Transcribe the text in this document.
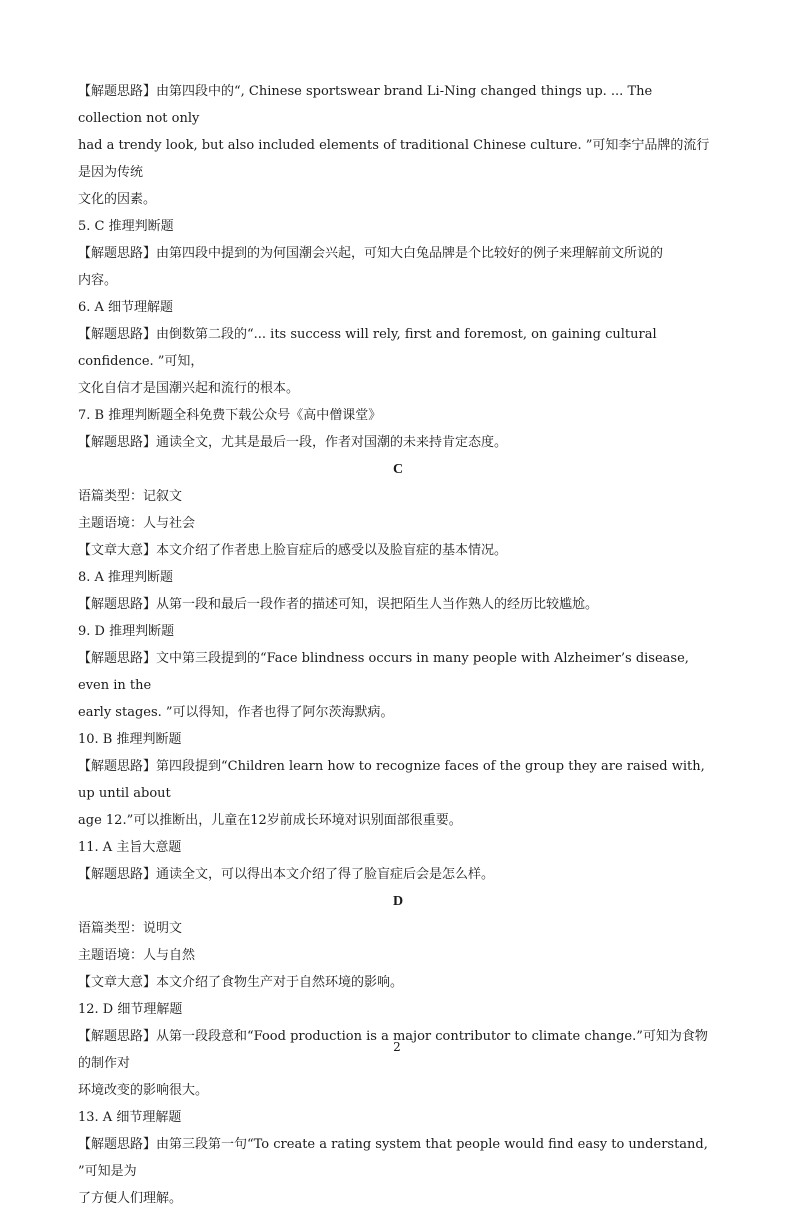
【解题思路】由第四段中的“, Chinese sportswear brand Li-Ning changed things up. ... The collection not only

had a trendy look, but also included elements of traditional Chinese culture. ”可知李宁品牌的流行是因为传统

文化的因素。

5. C 推理判断题

【解题思路】由第四段中提到的为何国潮会兴起，可知大白兔品牌是个比较好的例子来理解前文所说的

内容。

6. A 细节理解题

【解题思路】由倒数第二段的“... its success will rely, first and foremost, on gaining cultural confidence. ”可知，

文化自信才是国潮兴起和流行的根本。

7. B 推理判断题全科免费下载公众号《高中僧课堂》

【解题思路】通读全文，尤其是最后一段，作者对国潮的未来持肯定态度。

C

语篇类型：记叙文

主题语境：人与社会

【文章大意】本文介绍了作者患上脸盲症后的感受以及脸盲症的基本情况。

8. A 推理判断题

【解题思路】从第一段和最后一段作者的描述可知，误把陌生人当作熟人的经历比较尴尬。

9. D 推理判断题

【解题思路】文中第三段提到的“Face blindness occurs in many people with Alzheimer’s disease, even in the

early stages. ”可以得知，作者也得了阿尔茨海默病。

10. B 推理判断题

【解题思路】第四段提到“Children learn how to recognize faces of the group they are raised with, up until about

age 12.”可以推断出，儿童在12岁前成长环境对识别面部很重要。

11. A 主旨大意题

【解题思路】通读全文，可以得出本文介绍了得了脸盲症后会是怎么样。

D

语篇类型：说明文

主题语境：人与自然

【文章大意】本文介绍了食物生产对于自然环境的影响。

12. D 细节理解题

【解题思路】从第一段段意和“Food production is a major contributor to climate change.”可知为食物的制作对

环境改变的影响很大。

13. A 细节理解题

【解题思路】由第三段第一句“To create a rating system that people would find easy to understand, ”可知是为

了方便人们理解。

2
